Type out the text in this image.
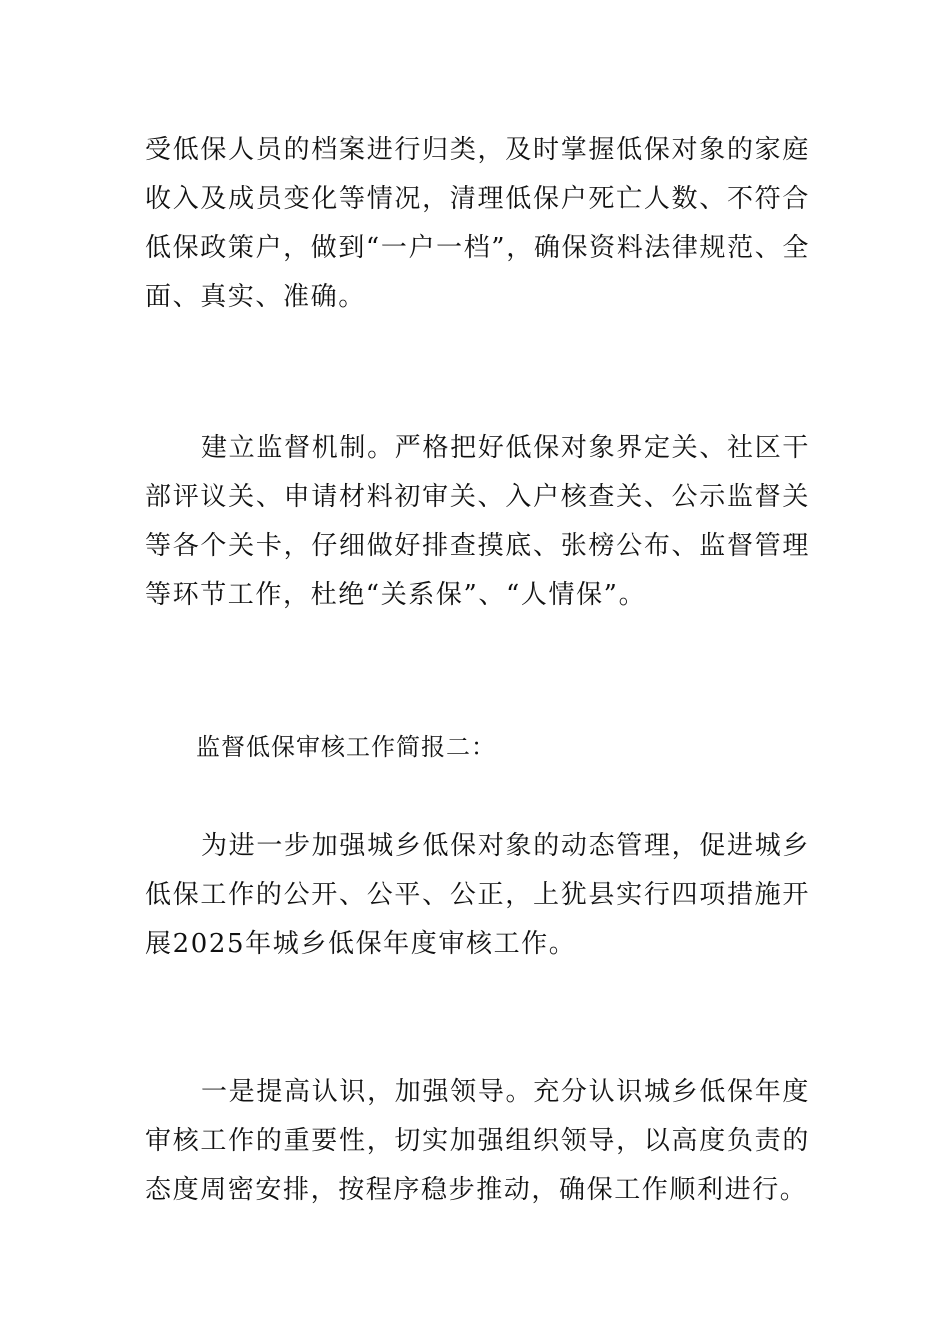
受低保人员的档案进行归类，及时掌握低保对象的家庭收入及成员变化等情况，清理低保户死亡人数、不符合低保政策户，做到“一户一档”，确保资料法律规范、全面、真实、准确。

建立监督机制。严格把好低保对象界定关、社区干部评议关、申请材料初审关、入户核查关、公示监督关等各个关卡，仔细做好排查摸底、张榜公布、监督管理等环节工作，杜绝“关系保”、“人情保”。

监督低保审核工作简报二：

为进一步加强城乡低保对象的动态管理，促进城乡低保工作的公开、公平、公正，上犹县实行四项措施开展2025年城乡低保年度审核工作。

一是提高认识，加强领导。充分认识城乡低保年度审核工作的重要性，切实加强组织领导，以高度负责的态度周密安排，按程序稳步推动，确保工作顺利进行。
